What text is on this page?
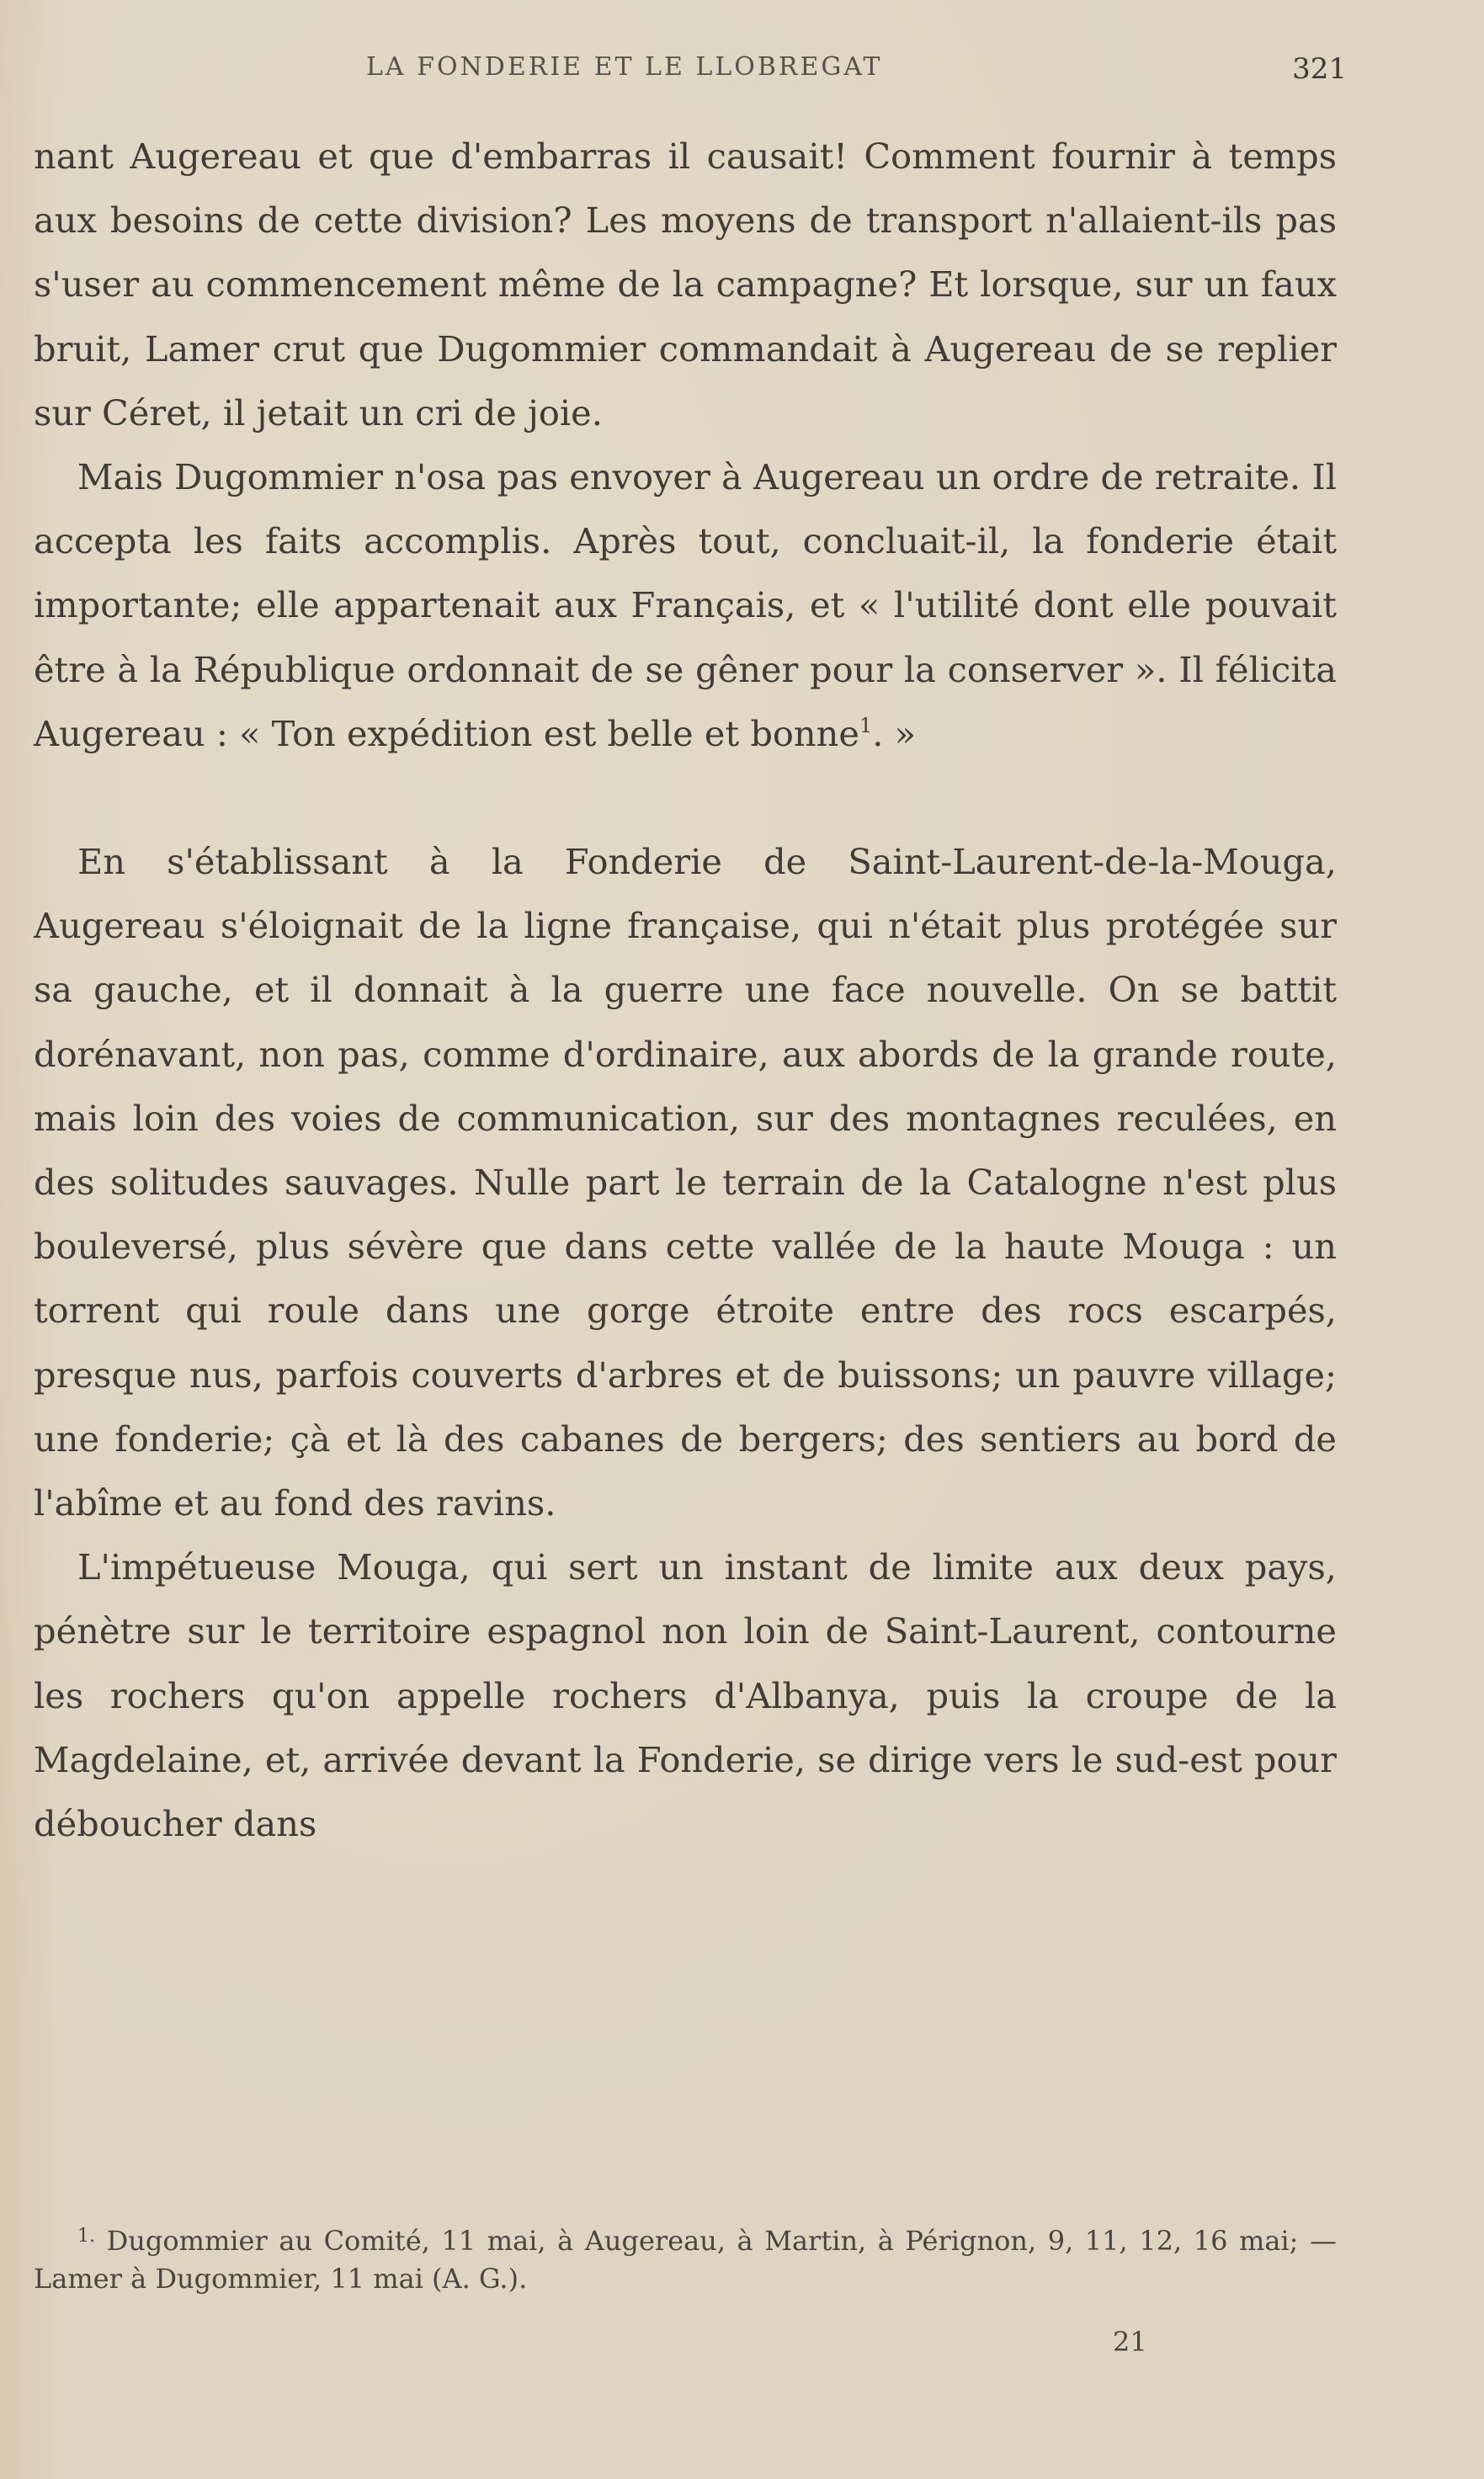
LA FONDERIE ET LE LLOBREGAT	321

nant Augereau et que d'embarras il causait! Comment fournir à temps aux besoins de cette division? Les moyens de transport n'allaient-ils pas s'user au commencement même de la campagne? Et lorsque, sur un faux bruit, Lamer crut que Dugommier commandait à Augereau de se replier sur Céret, il jetait un cri de joie.

Mais Dugommier n'osa pas envoyer à Augereau un ordre de retraite. Il accepta les faits accomplis. Après tout, concluait-il, la fonderie était importante; elle appartenait aux Français, et « l'utilité dont elle pouvait être à la République ordonnait de se gêner pour la conserver ». Il félicita Augereau : « Ton expédition est belle et bonne$^1$. »

En s'établissant à la Fonderie de Saint-Laurent-de-la-Mouga, Augereau s'éloignait de la ligne française, qui n'était plus protégée sur sa gauche, et il donnait à la guerre une face nouvelle. On se battit dorénavant, non pas, comme d'ordinaire, aux abords de la grande route, mais loin des voies de communication, sur des montagnes reculées, en des solitudes sauvages. Nulle part le terrain de la Catalogne n'est plus bouleversé, plus sévère que dans cette vallée de la haute Mouga : un torrent qui roule dans une gorge étroite entre des rocs escarpés, presque nus, parfois couverts d'arbres et de buissons; un pauvre village; une fonderie; çà et là des cabanes de bergers; des sentiers au bord de l'abîme et au fond des ravins.

L'impétueuse Mouga, qui sert un instant de limite aux deux pays, pénètre sur le territoire espagnol non loin de Saint-Laurent, contourne les rochers qu'on appelle rochers d'Albanya, puis la croupe de la Magdelaine, et, arrivée devant la Fonderie, se dirige vers le sud-est pour déboucher dans

$^{1.}$ Dugommier au Comité, 11 mai, à Augereau, à Martin, à Pérignon, 9, 11, 12, 16 mai; — Lamer à Dugommier, 11 mai (A. G.).
21
